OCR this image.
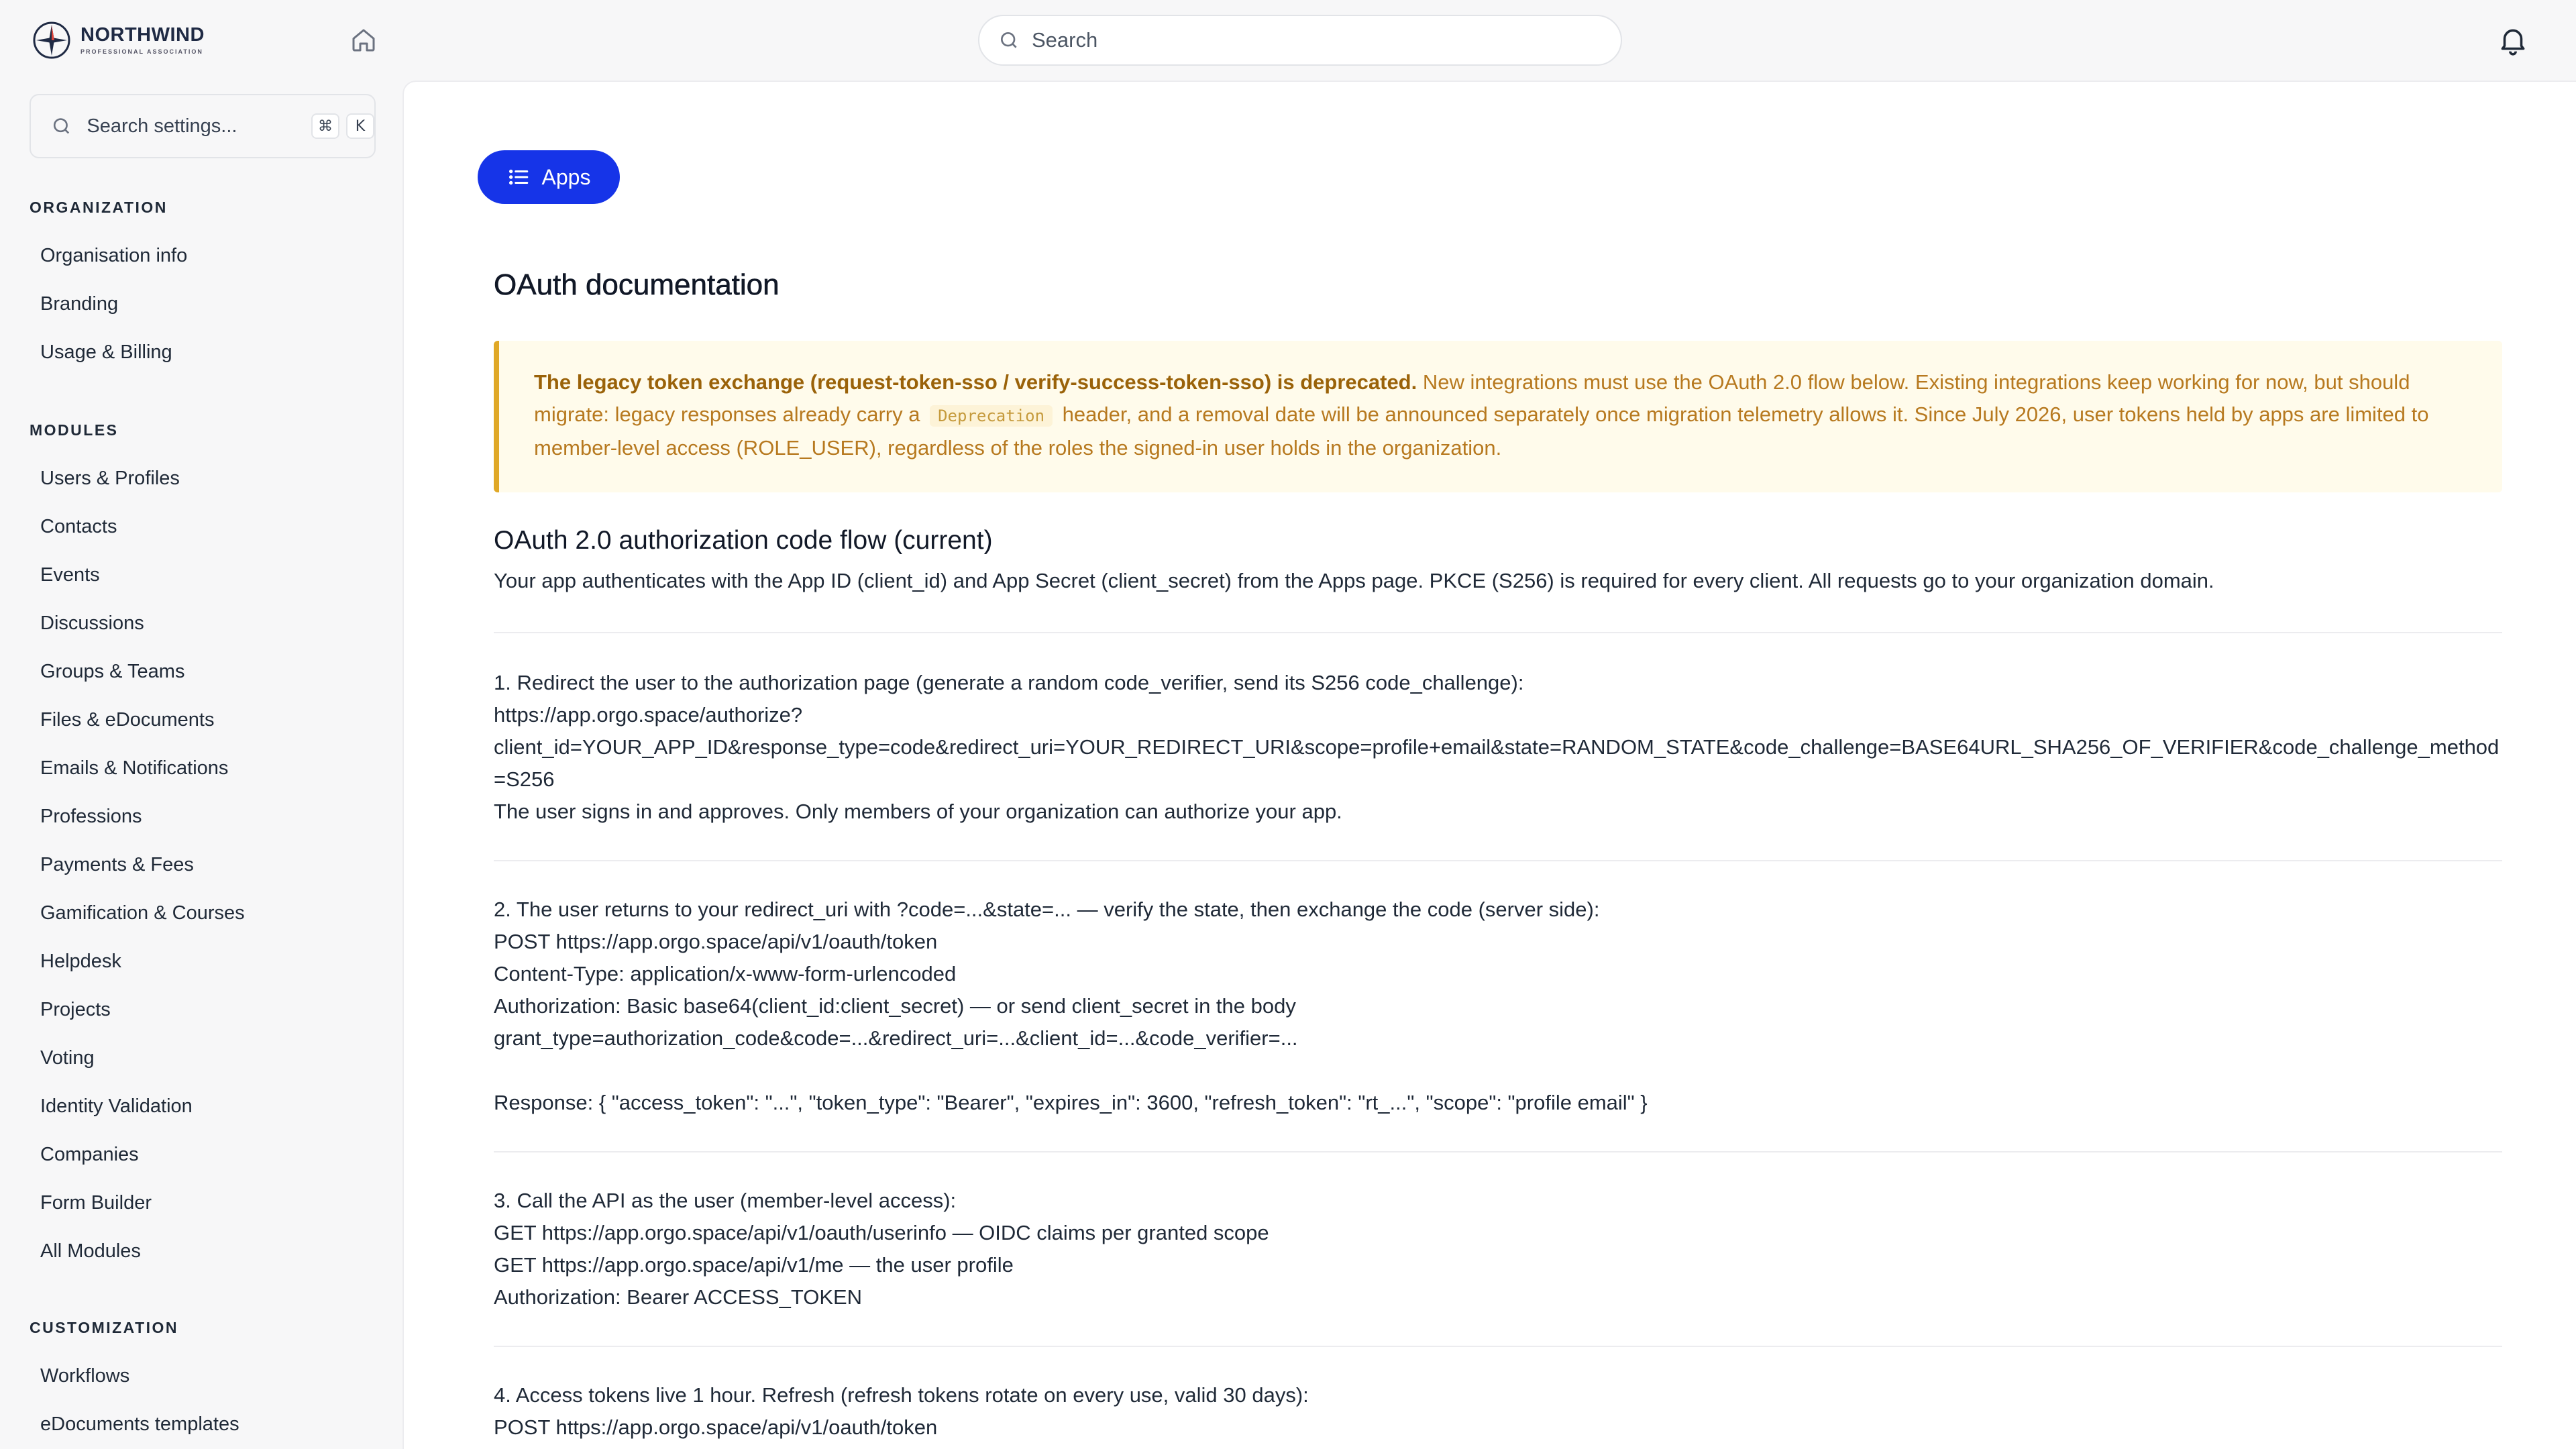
NORTHWIND
PROFESSIONAL ASSOCIATION
Search
Search settings...	⌘	K
ORGANIZATION
Organisation info
Branding
Usage & Billing
MODULES
Users & Profiles
Contacts
Events
Discussions
Groups & Teams
Files & eDocuments
Emails & Notifications
Professions
Payments & Fees
Gamification & Courses
Helpdesk
Projects
Voting
Identity Validation
Companies
Form Builder
All Modules
CUSTOMIZATION
Workflows
eDocuments templates
Apps
OAuth documentation
The legacy token exchange (request-token-sso / verify-success-token-sso) is deprecated. New integrations must use the OAuth 2.0 flow below. Existing integrations keep working for now, but should migrate: legacy responses already carry a Deprecation header, and a removal date will be announced separately once migration telemetry allows it. Since July 2026, user tokens held by apps are limited to member-level access (ROLE_USER), regardless of the roles the signed-in user holds in the organization.
OAuth 2.0 authorization code flow (current)
Your app authenticates with the App ID (client_id) and App Secret (client_secret) from the Apps page. PKCE (S256) is required for every client. All requests go to your organization domain.
1. Redirect the user to the authorization page (generate a random code_verifier, send its S256 code_challenge):
https://app.orgo.space/authorize?
client_id=YOUR_APP_ID&response_type=code&redirect_uri=YOUR_REDIRECT_URI&scope=profile+email&state=RANDOM_STATE&code_challenge=BASE64URL_SHA256_OF_VERIFIER&code_challenge_method=S256
The user signs in and approves. Only members of your organization can authorize your app.
2. The user returns to your redirect_uri with ?code=...&state=... — verify the state, then exchange the code (server side):
POST https://app.orgo.space/api/v1/oauth/token
Content-Type: application/x-www-form-urlencoded
Authorization: Basic base64(client_id:client_secret) — or send client_secret in the body
grant_type=authorization_code&code=...&redirect_uri=...&client_id=...&code_verifier=...
Response: { "access_token": "...", "token_type": "Bearer", "expires_in": 3600, "refresh_token": "rt_...", "scope": "profile email" }
3. Call the API as the user (member-level access):
GET https://app.orgo.space/api/v1/oauth/userinfo — OIDC claims per granted scope
GET https://app.orgo.space/api/v1/me — the user profile
Authorization: Bearer ACCESS_TOKEN
4. Access tokens live 1 hour. Refresh (refresh tokens rotate on every use, valid 30 days):
POST https://app.orgo.space/api/v1/oauth/token
